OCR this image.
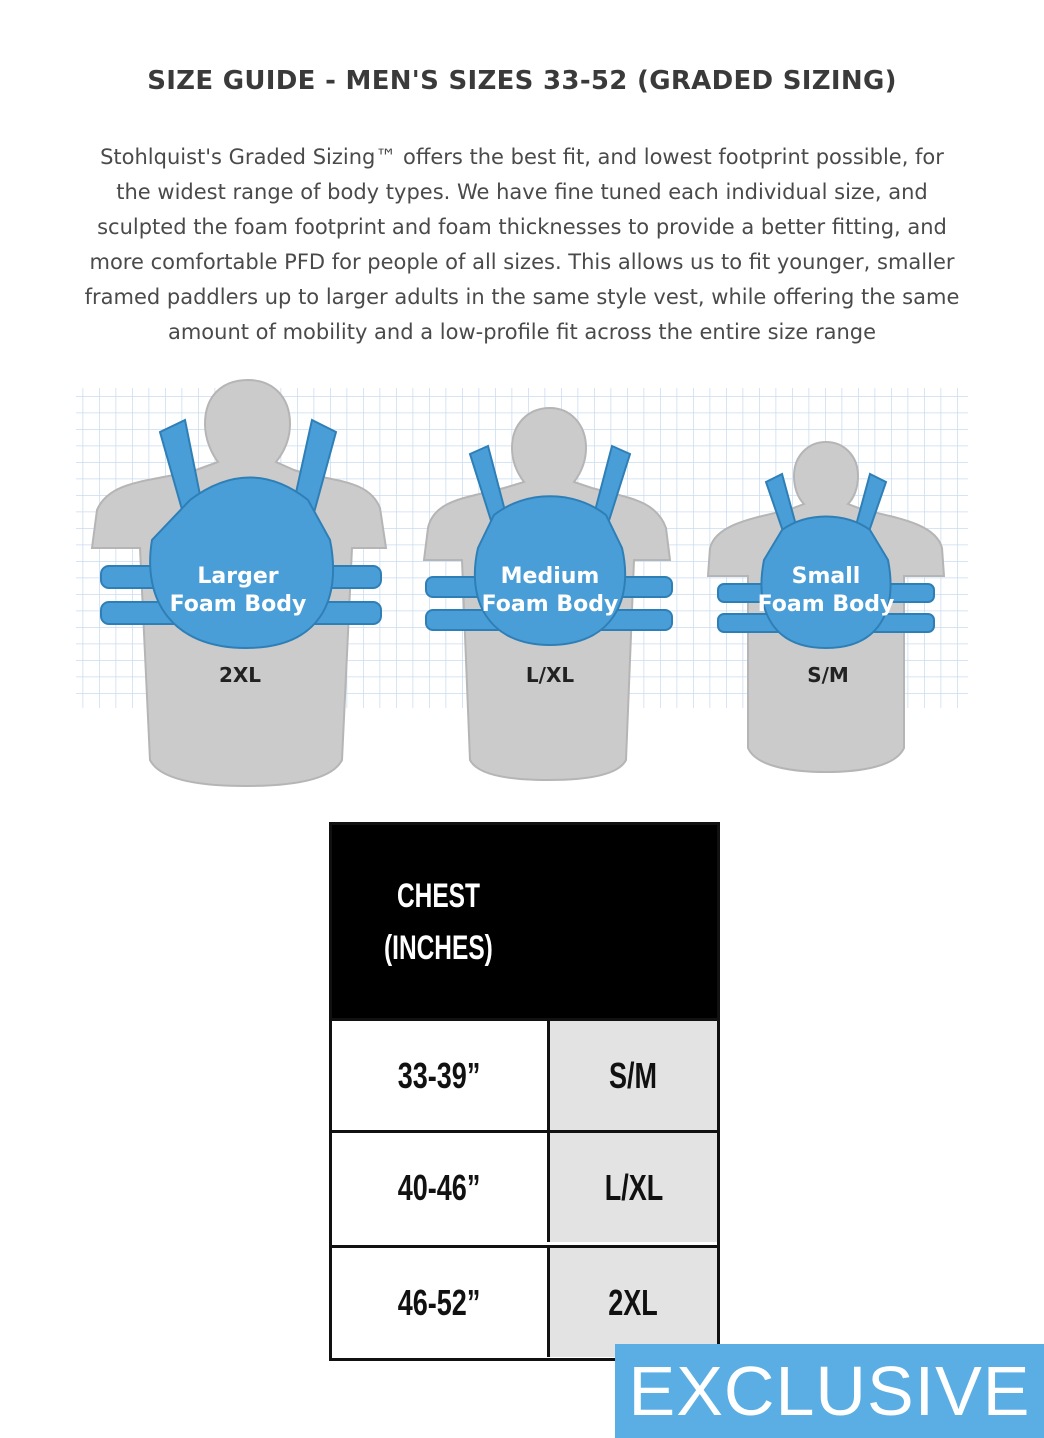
SIZE GUIDE - MEN'S SIZES 33-52 (GRADED SIZING)
Stohlquist's Graded Sizing™ offers the best fit, and lowest footprint possible, for
the widest range of body types. We have fine tuned each individual size, and
sculpted the foam footprint and foam thicknesses to provide a better fitting, and
more comfortable PFD for people of all sizes. This allows us to fit younger, smaller
framed paddlers up to larger adults in the same style vest, while offering the same
amount of mobility and a low-profile fit across the entire size range
Larger
Foam Body
2XL
Medium
Foam Body
L/XL
Small
Foam Body
S/M
CHEST
(INCHES)
33-39”	S/M
40-46”	L/XL
46-52”	2XL
EXCLUSIVE
